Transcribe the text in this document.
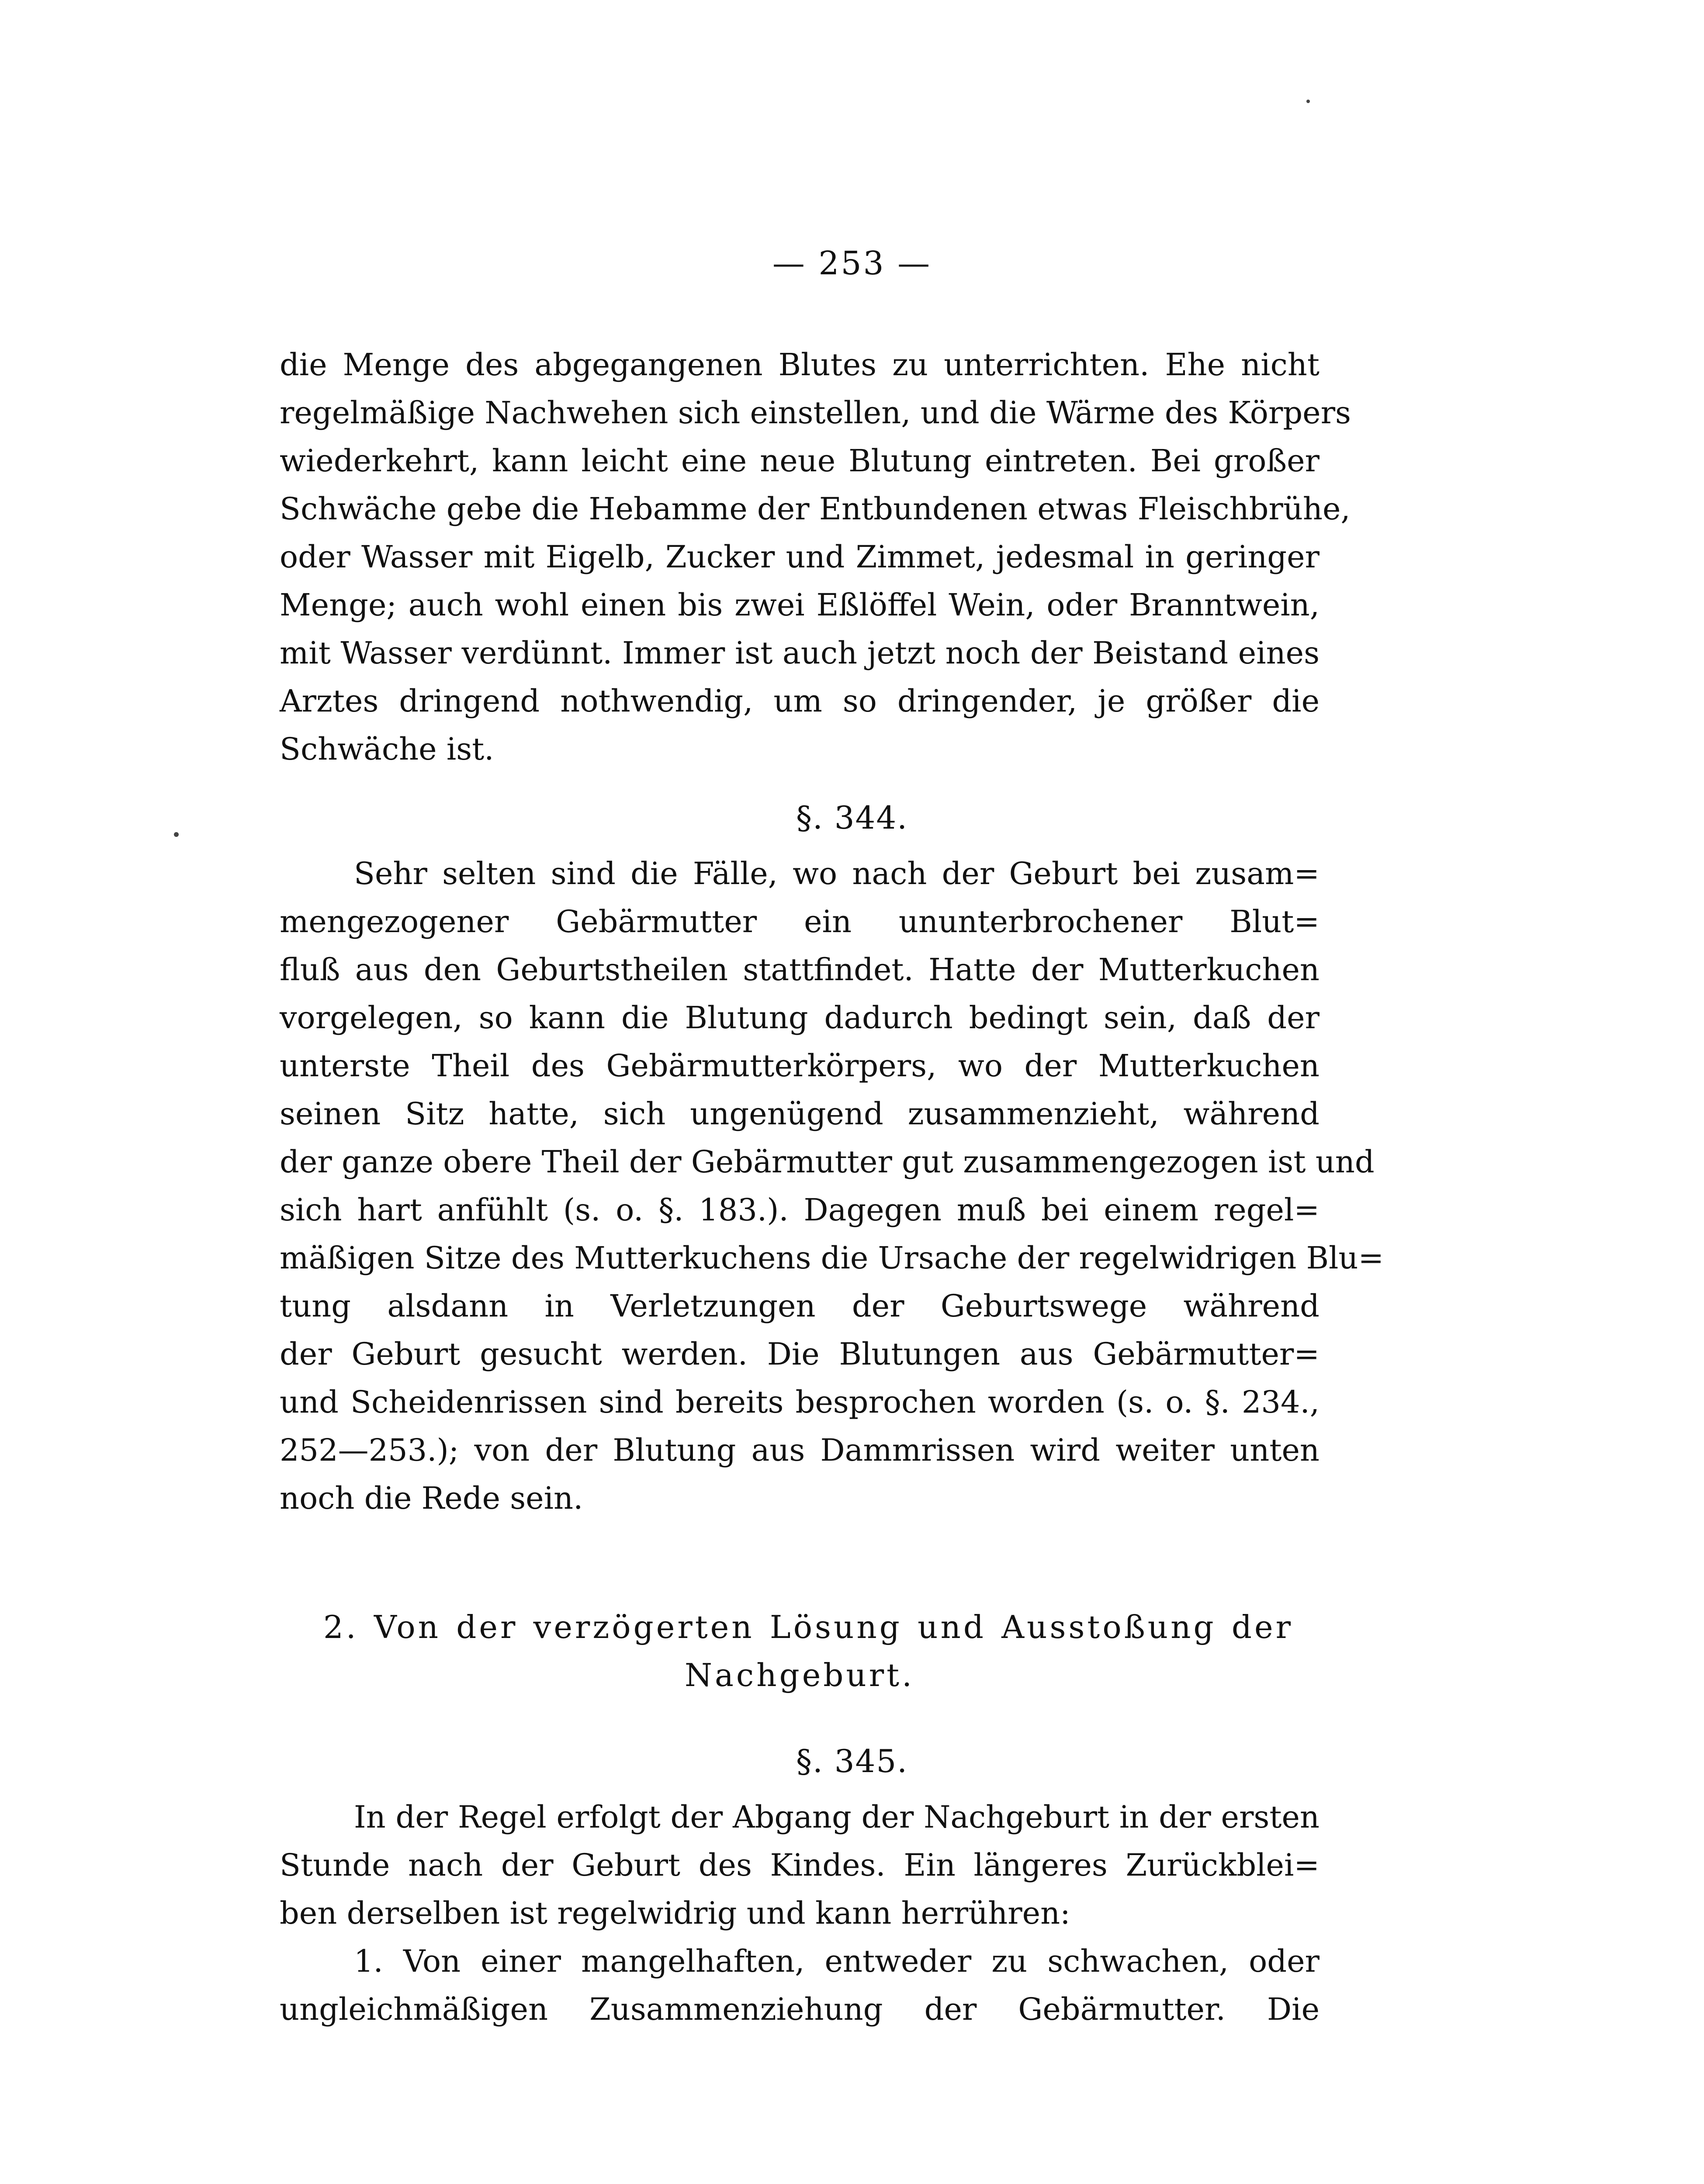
— 253 —
die Menge des abgegangenen Blutes zu unterrichten. Ehe nicht
regelmäßige Nachwehen sich einstellen, und die Wärme des Körpers
wiederkehrt, kann leicht eine neue Blutung eintreten. Bei großer
Schwäche gebe die Hebamme der Entbundenen etwas Fleischbrühe,
oder Wasser mit Eigelb, Zucker und Zimmet, jedesmal in geringer
Menge; auch wohl einen bis zwei Eßlöffel Wein, oder Branntwein,
mit Wasser verdünnt. Immer ist auch jetzt noch der Beistand eines
Arztes dringend nothwendig, um so dringender, je größer die
Schwäche ist.
§. 344.
Sehr selten sind die Fälle, wo nach der Geburt bei zusam=
mengezogener Gebärmutter ein ununterbrochener Blut=
fluß aus den Geburtstheilen stattfindet. Hatte der Mutterkuchen
vorgelegen, so kann die Blutung dadurch bedingt sein, daß der
unterste Theil des Gebärmutterkörpers, wo der Mutterkuchen
seinen Sitz hatte, sich ungenügend zusammenzieht, während
der ganze obere Theil der Gebärmutter gut zusammengezogen ist und
sich hart anfühlt (s. o. §. 183.). Dagegen muß bei einem regel=
mäßigen Sitze des Mutterkuchens die Ursache der regelwidrigen Blu=
tung alsdann in Verletzungen der Geburtswege während
der Geburt gesucht werden. Die Blutungen aus Gebärmutter=
und Scheidenrissen sind bereits besprochen worden (s. o. §. 234.,
252—253.); von der Blutung aus Dammrissen wird weiter unten
noch die Rede sein.
2. Von der verzögerten Lösung und Ausstoßung der
Nachgeburt.
§. 345.
In der Regel erfolgt der Abgang der Nachgeburt in der ersten
Stunde nach der Geburt des Kindes. Ein längeres Zurückblei=
ben derselben ist regelwidrig und kann herrühren:
1. Von einer mangelhaften, entweder zu schwachen, oder
ungleichmäßigen Zusammenziehung der Gebärmutter. Die
